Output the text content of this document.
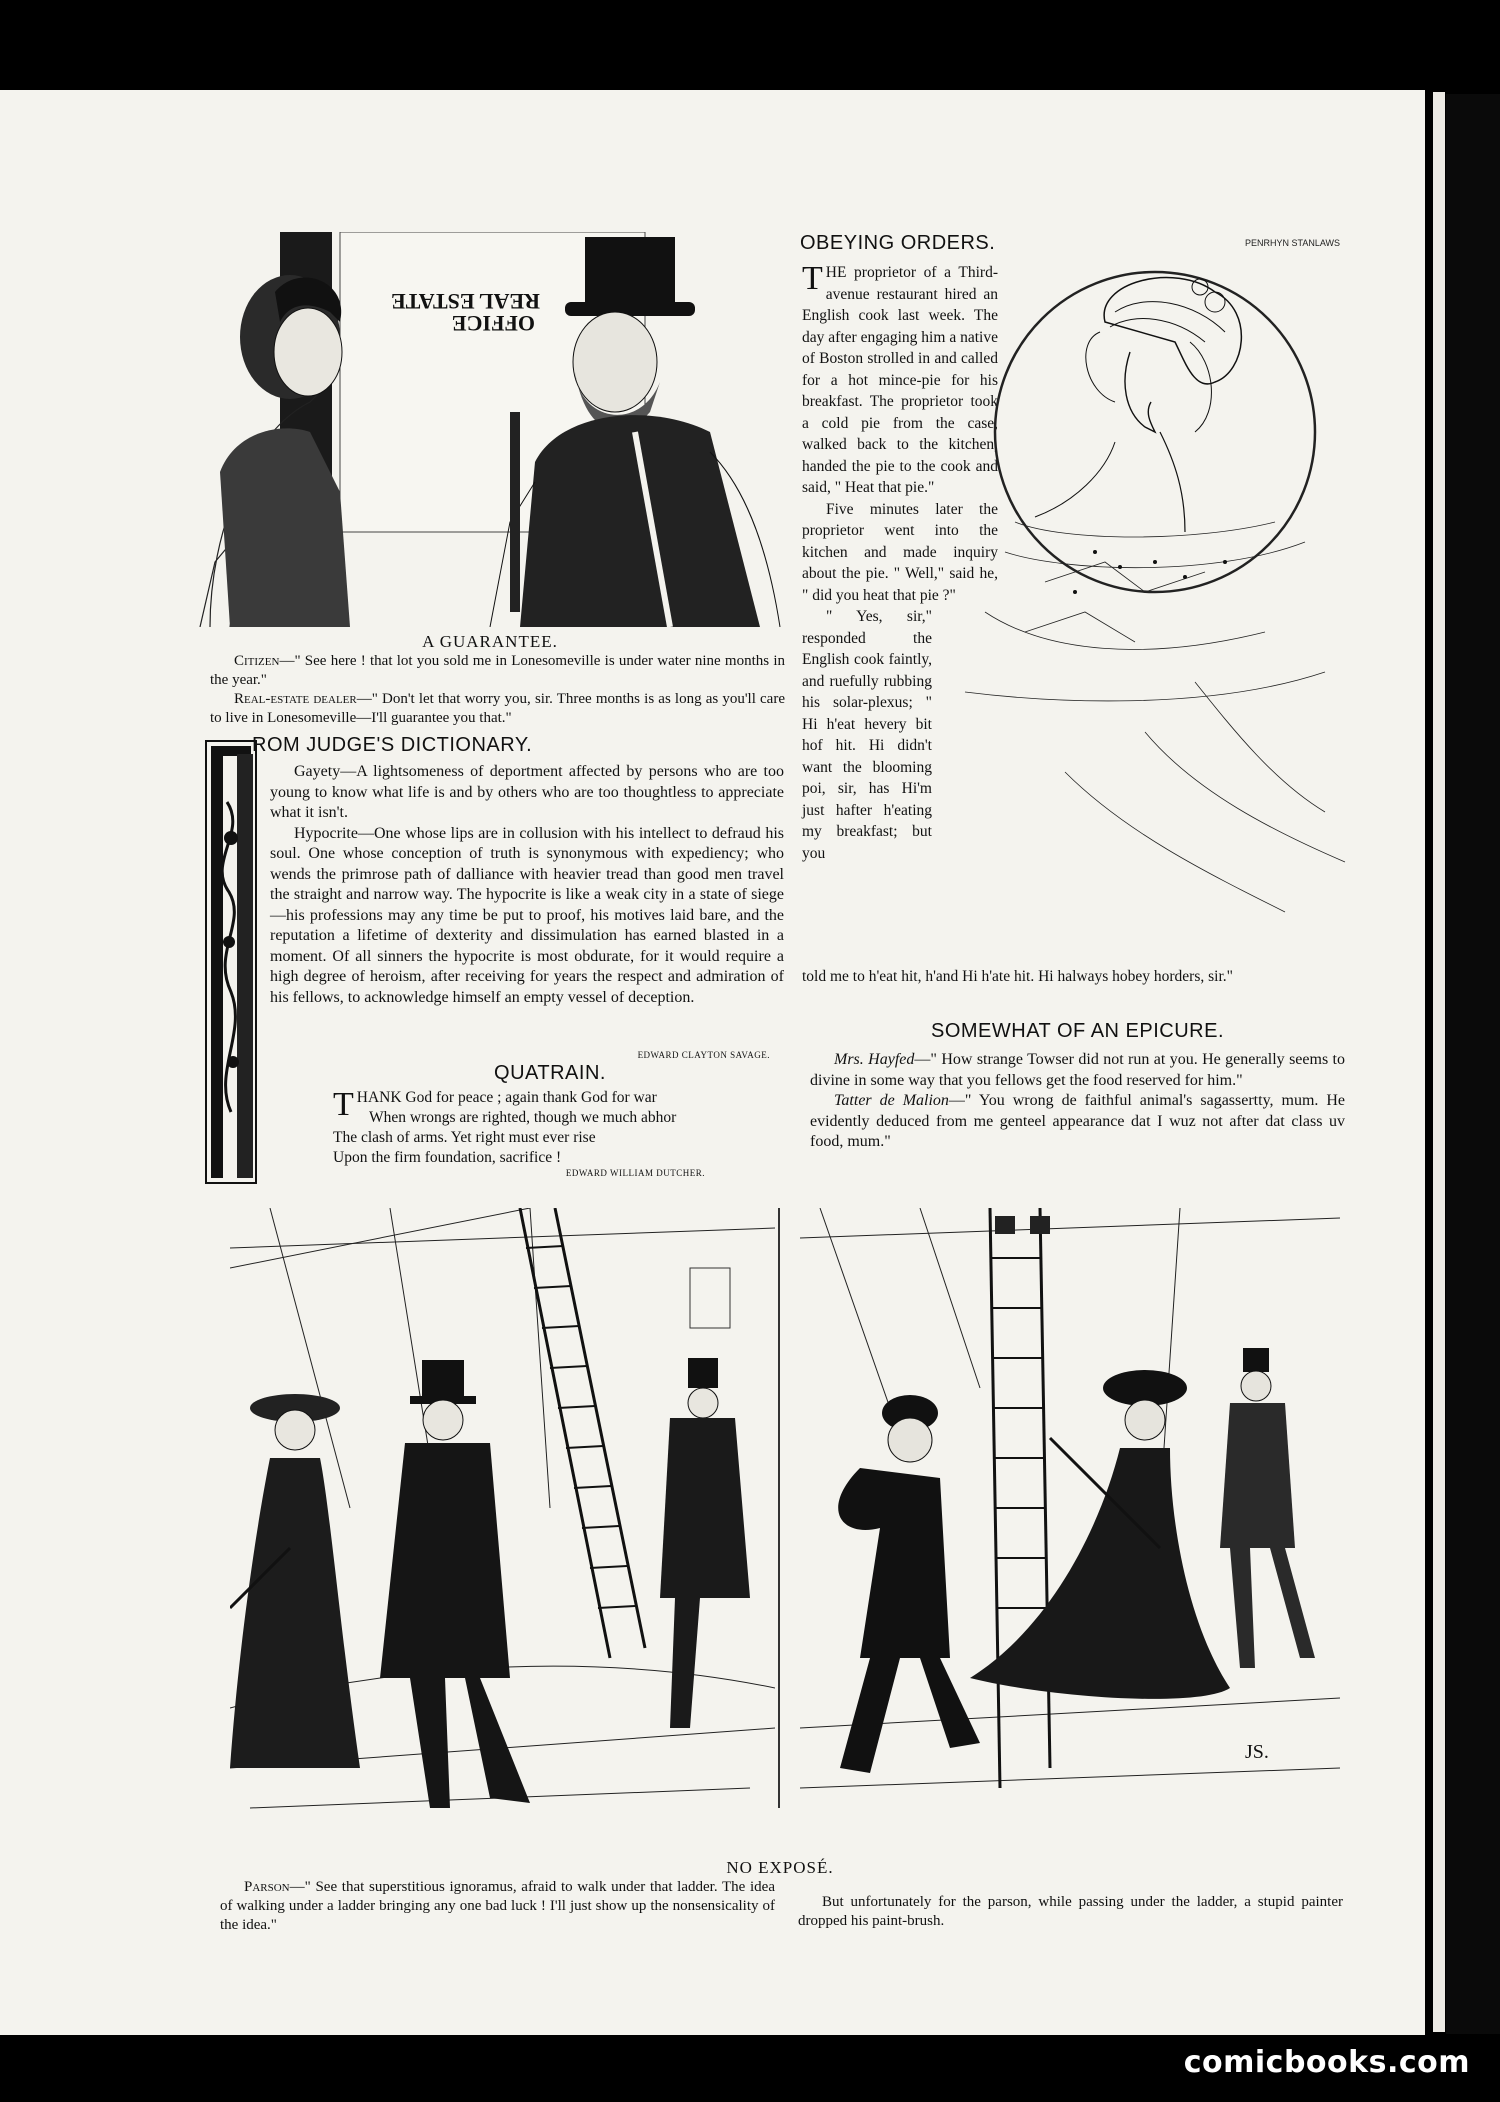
REAL ESTATE
OFFICE
A GUARANTEE.

Citizen—" See here ! that lot you sold me in Lonesomeville is under water nine months in the year."

Real-estate dealer—" Don't let that worry you, sir. Three months is as long as you'll care to live in Lonesomeville—I'll guarantee you that."

ROM JUDGE'S DICTIONARY.

Gayety—A lightsomeness of deportment affected by persons who are too young to know what life is and by others who are too thoughtless to appreciate what it isn't.

Hypocrite—One whose lips are in collusion with his intellect to defraud his soul. One whose conception of truth is synonymous with expediency; who wends the primrose path of dalliance with heavier tread than good men travel the straight and narrow way. The hypocrite is like a weak city in a state of siege—his professions may any time be put to proof, his motives laid bare, and the reputation a lifetime of dexterity and dissimulation has earned blasted in a moment. Of all sinners the hypocrite is most obdurate, for it would require a high degree of heroism, after receiving for years the respect and admiration of his fellows, to acknowledge himself an empty vessel of deception.

EDWARD CLAYTON SAVAGE.
QUATRAIN.
THANK God for peace ; again thank God for war
When wrongs are righted, though we much abhor
The clash of arms. Yet right must ever rise
Upon the firm foundation, sacrifice !
EDWARD WILLIAM DUTCHER.
OBEYING ORDERS.

THE proprietor of a Third-avenue restaurant hired an English cook last week. The day after engaging him a native of Boston strolled in and called for a hot mince-pie for his breakfast. The proprietor took a cold pie from the case, walked back to the kitchen, handed the pie to the cook and said, " Heat that pie."

Five minutes later the proprietor went into the kitchen and made inquiry about the pie. " Well," said he, " did you heat that pie ?"

" Yes, sir," responded the English cook faintly, and ruefully rubbing his solar-plexus; " Hi h'eat hevery bit hof hit. Hi didn't want the blooming poi, sir, has Hi'm just hafter h'eating my breakfast; but you

told me to h'eat hit, h'and Hi h'ate hit. Hi halways hobey horders, sir."
PENRHYN STANLAWS
SOMEWHAT OF AN EPICURE.

Mrs. Hayfed—" How strange Towser did not run at you. He generally seems to divine in some way that you fellows get the food reserved for him."

Tatter de Malion—" You wrong de faithful animal's sagassertty, mum. He evidently deduced from me genteel appearance dat I wuz not after dat class uv food, mum."

JS.
NO EXPOSÉ.

Parson—" See that superstitious ignoramus, afraid to walk under that ladder. The idea of walking under a ladder bringing any one bad luck ! I'll just show up the nonsensicality of the idea."

But unfortunately for the parson, while passing under the ladder, a stupid painter dropped his paint-brush.

comicbooks.com
